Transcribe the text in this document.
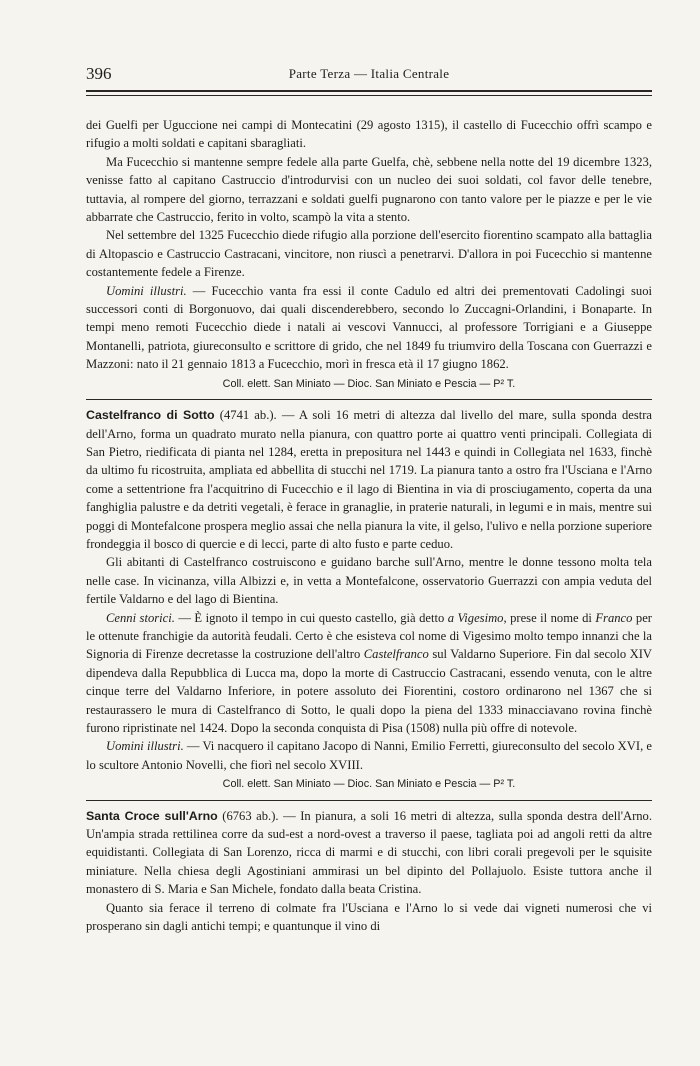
396	Parte Terza — Italia Centrale

dei Guelfi per Uguccione nei campi di Montecatini (29 agosto 1315), il castello di Fucecchio offrì scampo e rifugio a molti soldati e capitani sbaragliati.

Ma Fucecchio si mantenne sempre fedele alla parte Guelfa, chè, sebbene nella notte del 19 dicembre 1323, venisse fatto al capitano Castruccio d'introdurvisi con un nucleo dei suoi soldati, col favor delle tenebre, tuttavia, al rompere del giorno, terrazzani e soldati guelfi pugnarono con tanto valore per le piazze e per le vie abbarrate che Castruccio, ferito in volto, scampò la vita a stento.

Nel settembre del 1325 Fucecchio diede rifugio alla porzione dell'esercito fiorentino scampato alla battaglia di Altopascio e Castruccio Castracani, vincitore, non riuscì a penetrarvi. D'allora in poi Fucecchio si mantenne costantemente fedele a Firenze.

Uomini illustri. — Fucecchio vanta fra essi il conte Cadulo ed altri dei prementovati Cadolingi suoi successori conti di Borgonuovo, dai quali discenderebbero, secondo lo Zuccagni-Orlandini, i Bonaparte. In tempi meno remoti Fucecchio diede i natali ai vescovi Vannucci, al professore Torrigiani e a Giuseppe Montanelli, patriota, giureconsulto e scrittore di grido, che nel 1849 fu triumviro della Toscana con Guerrazzi e Mazzoni: nato il 21 gennaio 1813 a Fucecchio, morì in fresca età il 17 giugno 1862.

Coll. elett. San Miniato — Dioc. San Miniato e Pescia — P² T.

Castelfranco di Sotto (4741 ab.). — A soli 16 metri di altezza dal livello del mare, sulla sponda destra dell'Arno, forma un quadrato murato nella pianura, con quattro porte ai quattro venti principali. Collegiata di San Pietro, riedificata di pianta nel 1284, eretta in prepositura nel 1443 e quindi in Collegiata nel 1633, finchè da ultimo fu ricostruita, ampliata ed abbellita di stucchi nel 1719. La pianura tanto a ostro fra l'Usciana e l'Arno come a settentrione fra l'acquitrino di Fucecchio e il lago di Bientina in via di prosciugamento, coperta da una fanghiglia palustre e da detriti vegetali, è ferace in granaglie, in praterie naturali, in legumi e in mais, mentre sui poggi di Montefalcone prospera meglio assai che nella pianura la vite, il gelso, l'ulivo e nella porzione superiore frondeggia il bosco di quercie e di lecci, parte di alto fusto e parte ceduo.

Gli abitanti di Castelfranco costruiscono e guidano barche sull'Arno, mentre le donne tessono molta tela nelle case. In vicinanza, villa Albizzi e, in vetta a Montefalcone, osservatorio Guerrazzi con ampia veduta del fertile Valdarno e del lago di Bientina.

Cenni storici. — È ignoto il tempo in cui questo castello, già detto a Vigesimo, prese il nome di Franco per le ottenute franchigie da autorità feudali. Certo è che esisteva col nome di Vigesimo molto tempo innanzi che la Signoria di Firenze decretasse la costruzione dell'altro Castelfranco sul Valdarno Superiore. Fin dal secolo XIV dipendeva dalla Repubblica di Lucca ma, dopo la morte di Castruccio Castracani, essendo venuta, con le altre cinque terre del Valdarno Inferiore, in potere assoluto dei Fiorentini, costoro ordinarono nel 1367 che si restaurassero le mura di Castelfranco di Sotto, le quali dopo la piena del 1333 minacciavano rovina finchè furono ripristinate nel 1424. Dopo la seconda conquista di Pisa (1508) nulla più offre di notevole.

Uomini illustri. — Vi nacquero il capitano Jacopo di Nanni, Emilio Ferretti, giureconsulto del secolo XVI, e lo scultore Antonio Novelli, che fiorì nel secolo XVIII.

Coll. elett. San Miniato — Dioc. San Miniato e Pescia — P² T.

Santa Croce sull'Arno (6763 ab.). — In pianura, a soli 16 metri di altezza, sulla sponda destra dell'Arno. Un'ampia strada rettilinea corre da sud-est a nord-ovest a traverso il paese, tagliata poi ad angoli retti da altre equidistanti. Collegiata di San Lorenzo, ricca di marmi e di stucchi, con libri corali pregevoli per le squisite miniature. Nella chiesa degli Agostiniani ammirasi un bel dipinto del Pollajuolo. Esiste tuttora anche il monastero di S. Maria e San Michele, fondato dalla beata Cristina.

Quanto sia ferace il terreno di colmate fra l'Usciana e l'Arno lo si vede dai vigneti numerosi che vi prosperano sin dagli antichi tempi; e quantunque il vino di
